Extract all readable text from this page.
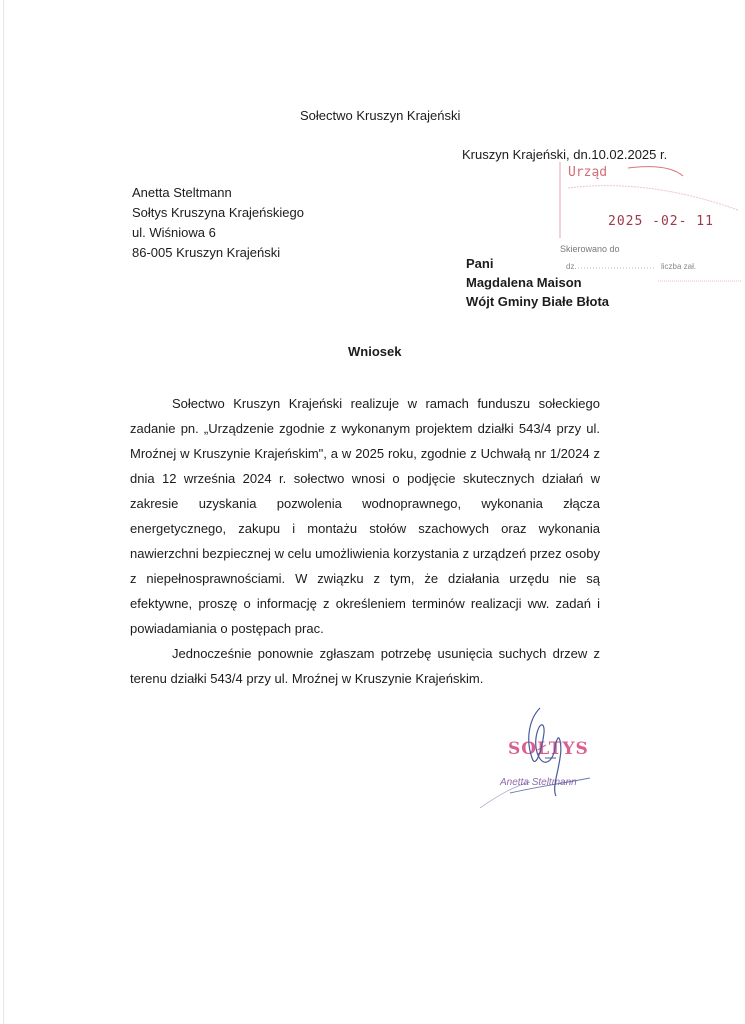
Sołectwo Kruszyn Krajeński
Kruszyn Krajeński, dn.10.02.2025 r.
Anetta Steltmann
Sołtys Kruszyna Krajeńskiego
ul. Wiśniowa 6
86-005 Kruszyn Krajeński
Urząd
2025 -02- 11
Skierowano do
dz.	liczba zał.
Pani
Magdalena Maison
Wójt Gminy Białe Błota
Wniosek

Sołectwo Kruszyn Krajeński realizuje w ramach funduszu sołeckiego zadanie pn. „Urządzenie zgodnie z wykonanym projektem działki 543/4 przy ul. Mroźnej w Kruszynie Krajeńskim", a w 2025 roku, zgodnie z Uchwałą nr 1/2024 z dnia 12 września 2024 r. sołectwo wnosi o podjęcie skutecznych działań w zakresie uzyskania pozwolenia wodnoprawnego, wykonania złącza energetycznego, zakupu i montażu stołów szachowych oraz wykonania nawierzchni bezpiecznej w celu umożliwienia korzystania z urządzeń przez osoby z niepełnosprawnościami. W związku z tym, że działania urzędu nie są efektywne, proszę o informację z określeniem terminów realizacji ww. zadań i powiadamiania o postępach prac.

Jednocześnie ponownie zgłaszam potrzebę usunięcia suchych drzew z terenu działki 543/4 przy ul. Mroźnej w Kruszynie Krajeńskim.

SOŁTYS
Anetta Steltmann
